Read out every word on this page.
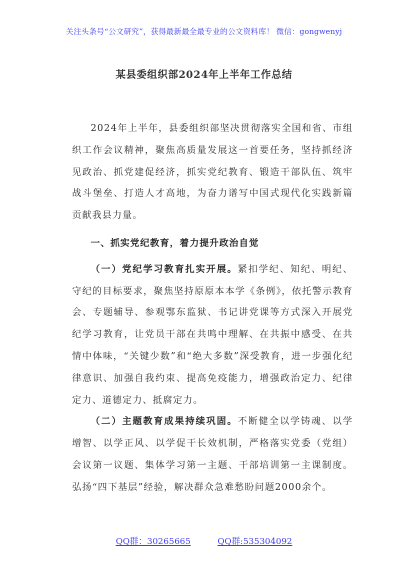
关注头条号“公文研究”，获得最新最全最专业的公文资料库！ 微信：gongwenyj
某县委组织部2024年上半年工作总结

2024年上半年，县委组织部坚决贯彻落实全国和省、市组织工作会议精神，聚焦高质量发展这一首要任务，坚持抓经济见政治、抓党建促经济，抓实党纪教育、锻造干部队伍、筑牢战斗堡垒、打造人才高地，为奋力谱写中国式现代化实践新篇贡献我县力量。

一、抓实党纪教育，着力提升政治自觉

（一）党纪学习教育扎实开展。紧扣学纪、知纪、明纪、守纪的目标要求，聚焦坚持原原本本学《条例》，依托警示教育会、专题辅导、参观鄂东监狱、书记讲党课等方式深入开展党纪学习教育，让党员干部在共鸣中理解、在共振中感受、在共情中体味，“关键少数”和“绝大多数”深受教育，进一步强化纪律意识、加强自我约束、提高免疫能力，增强政治定力、纪律定力、道德定力、抵腐定力。

（二）主题教育成果持续巩固。不断健全以学铸魂、以学增智、以学正风、以学促干长效机制，严格落实党委（党组）会议第一议题、集体学习第一主题、干部培训第一主课制度。弘扬“四下基层”经验，解决群众急难愁盼问题2000余个。

QQ群：30265665	QQ群:535304092
